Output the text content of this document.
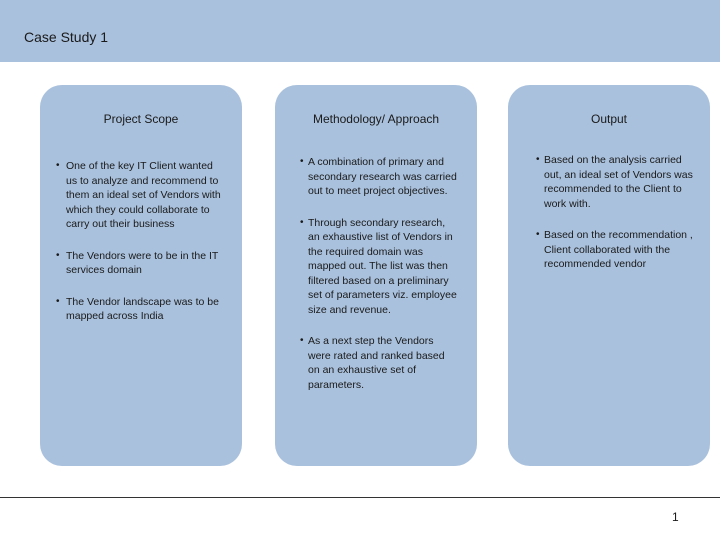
Case Study 1
Project Scope
• One of the key IT Client wanted us to analyze and recommend to them an ideal set of Vendors with which they could collaborate to carry out their business
• The Vendors were to be in the IT services domain
• The Vendor landscape was to be mapped across India
Methodology/ Approach
• A combination of primary and secondary research was carried out to meet project objectives.
• Through secondary research, an exhaustive list of Vendors in the required domain was mapped out. The list was then filtered based on a preliminary set of parameters viz. employee size and revenue.
• As a next step the Vendors were rated and ranked based on an exhaustive set of parameters.
Output
• Based on the analysis carried out, an ideal set of Vendors was recommended to the Client to work with.
• Based on the recommendation , Client collaborated with the recommended vendor
1
